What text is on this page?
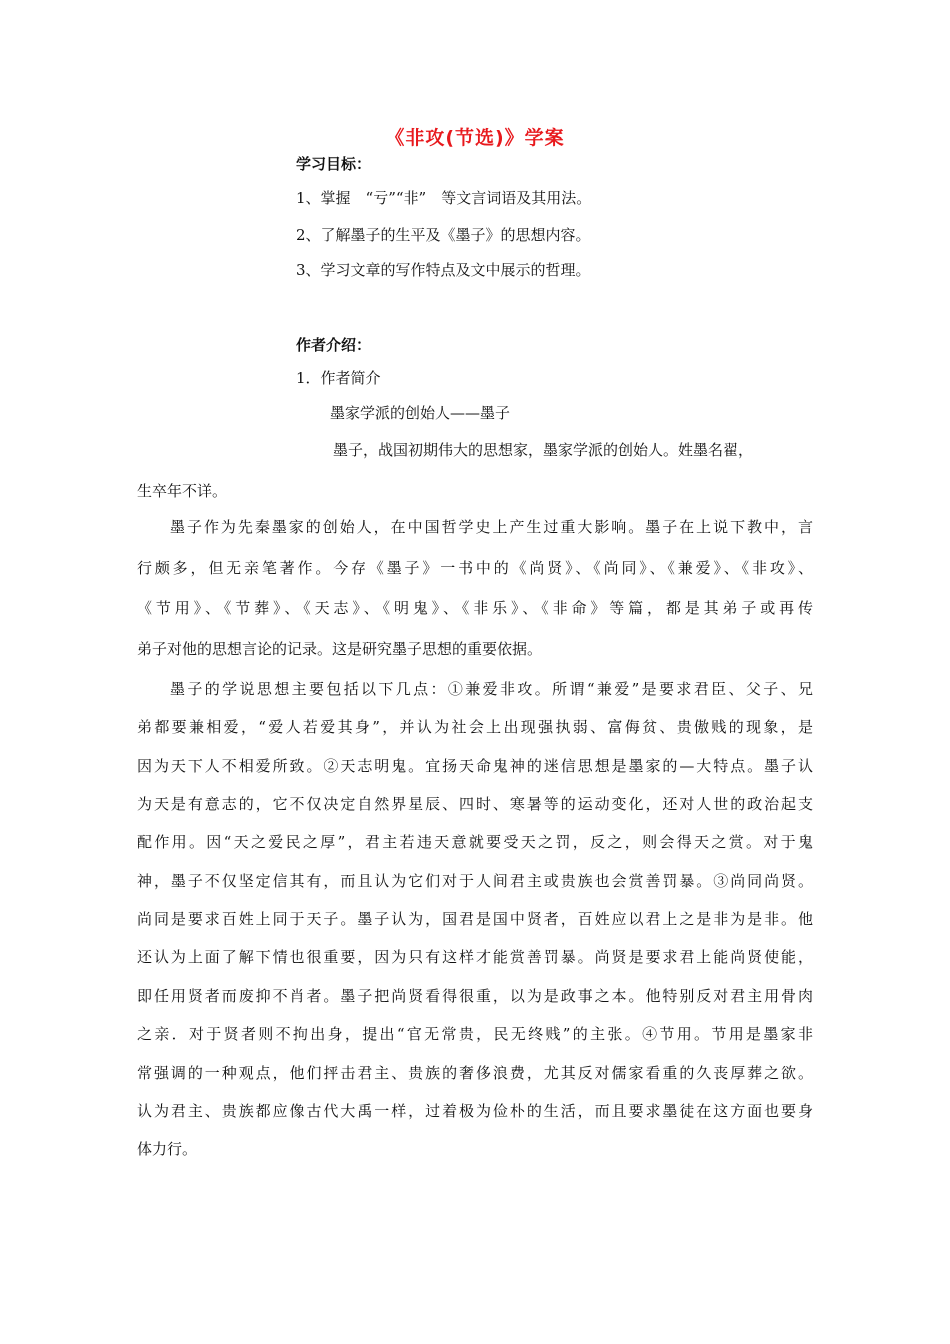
《非攻(节选)》学案
学习目标：
1、掌握　“亏”“非”　等文言词语及其用法。
2、了解墨子的生平及《墨子》的思想内容。
3、学习文章的写作特点及文中展示的哲理。
作者介绍：
1．作者简介
墨家学派的创始人——墨子
墨子，战国初期伟大的思想家，墨家学派的创始人。姓墨名翟，
生卒年不详。
墨子作为先秦墨家的创始人，在中国哲学史上产生过重大影响。墨子在上说下教中，言
行颇多，但无亲笔著作。今存《墨子》一书中的《尚贤》、《尚同》、《兼爱》、《非攻》、
《节用》、《节葬》、《天志》、《明鬼》、《非乐》、《非命》等篇，都是其弟子或再传
弟子对他的思想言论的记录。这是研究墨子思想的重要依据。
墨子的学说思想主要包括以下几点：①兼爱非攻。所谓“兼爱”是要求君臣、父子、兄
弟都要兼相爱，“爱人若爱其身”，并认为社会上出现强执弱、富侮贫、贵傲贱的现象，是
因为天下人不相爱所致。②天志明鬼。宜扬天命鬼神的迷信思想是墨家的—大特点。墨子认
为天是有意志的，它不仅决定自然界星辰、四时、寒暑等的运动变化，还对人世的政治起支
配作用。因“天之爱民之厚”，君主若违天意就要受天之罚，反之，则会得天之赏。对于鬼
神，墨子不仅坚定信其有，而且认为它们对于人间君主或贵族也会赏善罚暴。③尚同尚贤。
尚同是要求百姓上同于天子。墨子认为，国君是国中贤者，百姓应以君上之是非为是非。他
还认为上面了解下情也很重要，因为只有这样才能赏善罚暴。尚贤是要求君上能尚贤使能，
即任用贤者而废抑不肖者。墨子把尚贤看得很重，以为是政事之本。他特别反对君主用骨肉
之亲．对于贤者则不拘出身，提出“官无常贵，民无终贱”的主张。④节用。节用是墨家非
常强调的一种观点，他们抨击君主、贵族的奢侈浪费，尤其反对儒家看重的久丧厚葬之欲。
认为君主、贵族都应像古代大禹一样，过着极为俭朴的生活，而且要求墨徒在这方面也要身
体力行。
